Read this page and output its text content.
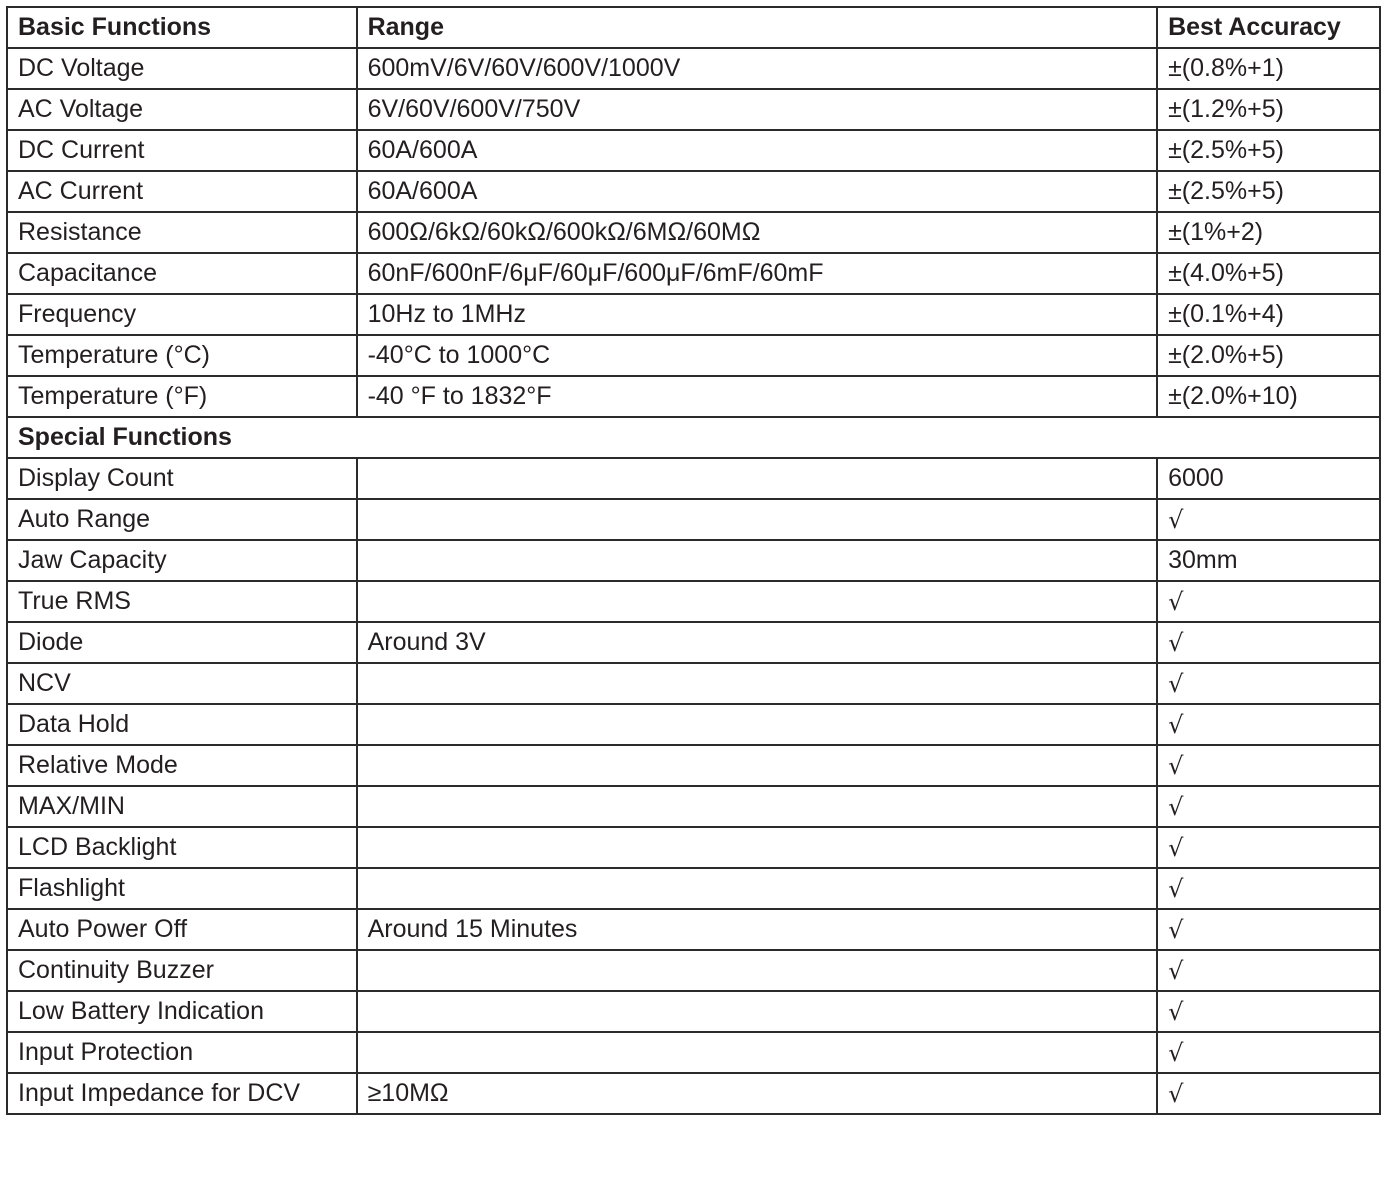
Basic Functions	Range	Best Accuracy
DC Voltage	600mV/6V/60V/600V/1000V	±(0.8%+1)
AC Voltage	6V/60V/600V/750V	±(1.2%+5)
DC Current	60A/600A	±(2.5%+5)
AC Current	60A/600A	±(2.5%+5)
Resistance	600Ω/6kΩ/60kΩ/600kΩ/6MΩ/60MΩ	±(1%+2)
Capacitance	60nF/600nF/6μF/60μF/600μF/6mF/60mF	±(4.0%+5)
Frequency	10Hz to 1MHz	±(0.1%+4)
Temperature (°C)	-40°C to 1000°C	±(2.0%+5)
Temperature (°F)	-40 °F to 1832°F	±(2.0%+10)
Special Functions		
Display Count		6000
Auto Range		√
Jaw Capacity		30mm
True RMS		√
Diode	Around 3V	√
NCV		√
Data Hold		√
Relative Mode		√
MAX/MIN		√
LCD Backlight		√
Flashlight		√
Auto Power Off	Around 15 Minutes	√
Continuity Buzzer		√
Low Battery Indication		√
Input Protection		√
Input Impedance for DCV	≥10MΩ	√
